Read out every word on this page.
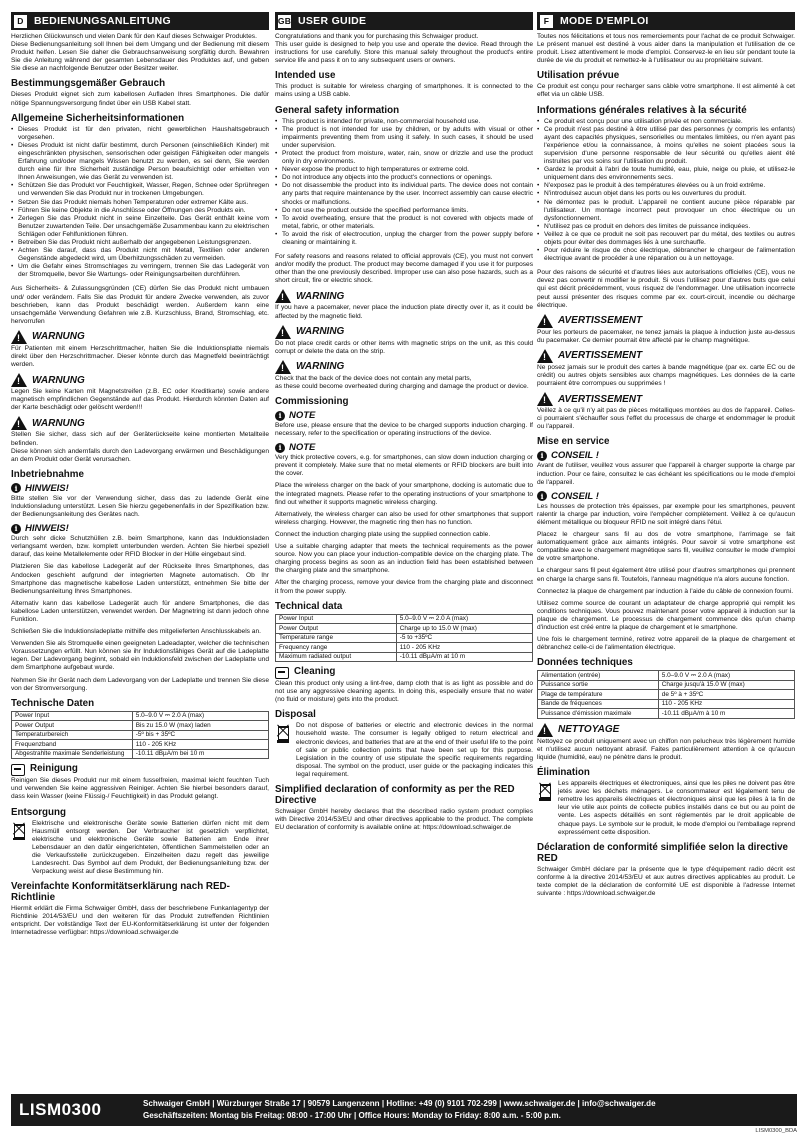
D BEDIENUNGSANLEITUNG

Herzlichen Glückwunsch und vielen Dank für den Kauf dieses Schwaiger Produktes.
Diese Bedienungsanleitung soll Ihnen bei dem Umgang und der Bedienung mit diesem Produkt helfen. Lesen Sie daher die Gebrauchsanweisung sorgfältig durch. Bewahren Sie die Anleitung während der gesamten Lebensdauer des Produktes auf, und geben Sie diese an nachfolgende Benutzer oder Besitzer weiter.

Bestimmungsgemäßer Gebrauch

Dieses Produkt eignet sich zum kabellosen Aufladen Ihres Smartphones. Die dafür nötige Spannungsversorgung findet über ein USB Kabel statt.

Allgemeine Sicherheitsinformationen
• Dieses Produkt ist für den privaten, nicht gewerblichen Haushaltsgebrauch vorgesehen.
• Dieses Produkt ist nicht dafür bestimmt, durch Personen (einschließlich Kinder) mit eingeschränkten physischen, sensorischen oder geistigen Fähigkeiten oder mangels Erfahrung und/oder mangels Wissen benutzt zu werden, es sei denn, Sie werden durch eine für Ihre Sicherheit zuständige Person beaufsichtigt oder erhielten von Ihnen Anweisungen, wie das Gerät zu verwenden ist.
• Schützen Sie das Produkt vor Feuchtigkeit, Wasser, Regen, Schnee oder Sprühregen und verwenden Sie das Produkt nur in trockenen Umgebungen.
• Setzen Sie das Produkt niemals hohen Temperaturen oder extremer Kälte aus.
• Führen Sie keine Objekte in die Anschlüsse oder Öffnungen des Produkts ein.
• Zerlegen Sie das Produkt nicht in seine Einzelteile. Das Gerät enthält keine vom Benutzer zuwartenden Teile. Der unsachgemäße Zusammenbau kann zu elektrischen Schlägen oder Fehlfunktionen führen.
• Betreiben Sie das Produkt nicht außerhalb der angegebenen Leistungsgrenzen.
• Achten Sie darauf, dass das Produkt nicht mit Metall, Textilien oder anderen Gegenstände abgedeckt wird, um Überhitzungsschäden zu vermeiden.
• Um die Gefahr eines Stromschlages zu verringern, trennen Sie das Ladegerät von der Stromquelle, bevor Sie Wartungs- oder Reinigungsarbeiten durchführen.

Aus Sicherheits- & Zulassungsgründen (CE) dürfen Sie das Produkt nicht umbauen und/ oder verändern. Falls Sie das Produkt für andere Zwecke verwenden, als zuvor beschrieben, kann das Produkt beschädigt werden. Außerdem kann eine unsachgemäße Verwendung Gefahren wie z.B. Kurzschluss, Brand, Stromschlag, etc. hervorrufen

!
WARNUNG

Für Patienten mit einem Herzschrittmacher, halten Sie die Induktionsplatte niemals direkt über den Herzschrittmacher. Dieser könnte durch das Magnetfeld beeinträchtigt werden.

!
WARNUNG

Legen Sie keine Karten mit Magnetstreifen (z.B. EC oder Kreditkarte) sowie andere magnetisch empfindlichen Gegenstände auf das Produkt. Hierdurch könnten Daten auf der Karte beschädigt oder gelöscht werden!!!

!
WARNUNG

Stellen Sie sicher, dass sich auf der Geräterückseite keine montierten Metallteile befinden.
Diese können sich andernfalls durch den Ladevorgang erwärmen und Beschädigungen an dem Produkt oder Gerät verursachen.

Inbetriebnahme
i HINWEIS!

Bitte stellen Sie vor der Verwendung sicher, dass das zu ladende Gerät eine Induktionsladung unterstützt. Lesen Sie hierzu gegebenenfalls in der Spezifikation bzw. der Bedienungsanleitung des Gerätes nach.

i HINWEIS!

Durch sehr dicke Schutzhüllen z.B. beim Smartphone, kann das Induktionsladen verlangsamt werden, bzw. komplett unterbunden werden. Achten Sie hierbei speziell darauf, das keine Metallelemente oder RFID Blocker in der Hülle eingebaut sind.

Platzieren Sie das kabellose Ladegerät auf der Rückseite Ihres Smartphones, das Andocken geschieht aufgrund der integrierten Magnete automatisch. Ob Ihr Smartphone das magnetische kabellose Laden unterstützt, entnehmen Sie bitte der Bedienungsanleitung Ihres Smartphones.

Alternativ kann das kabellose Ladegerät auch für andere Smartphones, die das kabellose Laden unterstützen, verwendet werden. Der Magnetring ist dann jedoch ohne Funktion.

Schließen Sie die Induktionsladeplatte mithilfe des mitgelieferten Anschlusskabels an.

Verwenden Sie als Stromquelle einen geeigneten Ladeadapter, welcher die technischen Voraussetzungen erfüllt. Nun können sie ihr Induktionsfähiges Gerät auf die Ladeplatte legen. Der Ladevorgang beginnt, sobald ein Induktionsfeld zwischen der Ladeplatte und dem Smartphone aufgebaut wurde.

Nehmen Sie ihr Gerät nach dem Ladevorgang von der Ladeplatte und trennen Sie diese von der Stromversorgung.

Technische Daten
Power Input	5.0–9.0 V ⎓ 2.0 A (max)
Power Output	Bis zu 15.0 W (max) laden
Temperaturbereich	-5º bis + 35ºC
Frequenzband	110 - 205 KHz
Abgestrahlte maximale Senderleistung	-10.11 dBµA/m bei 10 m
Reinigung

Reinigen Sie dieses Produkt nur mit einem fusselfreien, maximal leicht feuchten Tuch und verwenden Sie keine aggressiven Reiniger. Achten Sie hierbei besonders darauf, dass kein Wasser (keine Flüssig-/ Feuchtigkeit) in das Produkt gelangt.

Entsorgung

Elektrische und elektronische Geräte sowie Batterien dürfen nicht mit dem Hausmüll entsorgt werden. Der Verbraucher ist gesetzlich verpflichtet, elektrische und elektronische Geräte sowie Batterien am Ende ihrer Lebensdauer an den dafür eingerichteten, öffentlichen Sammelstellen oder an die Verkaufsstelle zurückzugeben. Einzelheiten dazu regelt das jeweilige Landesrecht. Das Symbol auf dem Produkt, der Bedienungsanleitung bzw. der Verpackung weist auf diese Bestimmung hin.

Vereinfachte Konformitätserklärung nach RED-Richtlinie

Hiermit erklärt die Firma Schwaiger GmbH, dass der beschriebene Funkanlagentyp der Richtlinie 2014/53/EU und den weiteren für das Produkt zutreffenden Richtlinien entspricht. Der vollständige Text der EU-Konformitätserklärung ist unter der folgenden Internetadresse verfügbar: https://download.schwaiger.de

GB USER GUIDE

Congratulations and thank you for purchasing this Schwaiger product.
This user guide is designed to help you use and operate the device. Read through the instructions for use carefully. Store this manual safely throughout the product's entire service life and pass it on to any subsequent users or owners.

Intended use

This product is suitable for wireless charging of smartphones. It is connected to the mains using a USB cable.

General safety information
• This product is intended for private, non-commercial household use.
• The product is not intended for use by children, or by adults with visual or other impairments preventing them from using it safely. In such cases, it should be used under supervision.
• Protect the product from moisture, water, rain, snow or drizzle and use the product only in dry environments.
• Never expose the product to high temperatures or extreme cold.
• Do not introduce any objects into the product's connections or openings.
• Do not disassemble the product into its individual parts. The device does not contain any parts that require maintenance by the user. Incorrect assembly can cause electric shocks or malfunctions.
• Do not use the product outside the specified performance limits.
• To avoid overheating, ensure that the product is not covered with objects made of metal, fabric, or other materials.
• To avoid the risk of electrocution, unplug the charger from the power supply before cleaning or maintaining it.

For safety reasons and reasons related to official approvals (CE), you must not convert and/or modify the product. The product may become damaged if you use it for purposes other than the one previously described. Improper use can also pose hazards, such as a short circuit, fire or electric shock.

!
WARNING

If you have a pacemaker, never place the induction plate directly over it, as it could be affected by the magnetic field.

!
WARNING

Do not place credit cards or other items with magnetic strips on the unit, as this could corrupt or delete the data on the strip.

!
WARNING

Check that the back of the device does not contain any metal parts,
as these could become overheated during charging and damage the product or device.

Commissioning
i NOTE

Before use, please ensure that the device to be charged supports induction charging. If necessary, refer to the specification or operating instructions of the device.

i NOTE

Very thick protective covers, e.g. for smartphones, can slow down induction charging or prevent it completely. Make sure that no metal elements or RFID blockers are built into the cover.

Place the wireless charger on the back of your smartphone, docking is automatic due to the integrated magnets. Please refer to the operating instructions of your smartphone to find out whether it supports magnetic wireless charging.

Alternatively, the wireless charger can also be used for other smartphones that support wireless charging. However, the magnetic ring then has no function.

Connect the induction charging plate using the supplied connection cable.

Use a suitable charging adapter that meets the technical requirements as the power source. Now you can place your induction-compatible device on the charging plate. The charging process begins as soon as an induction field has been established between the charging plate and the smartphone.

After the charging process, remove your device from the charging plate and disconnect it from the power supply.

Technical data
Power Input	5.0–9.0 V ⎓ 2.0 A (max)
Power Output	Charge up to 15.0 W (max)
Temperature range	-5 to +35ºC
Frequency range	110 - 205 KHz
Maximum radiated output	-10.11 dBµA/m at 10 m
Cleaning

Clean this product only using a lint-free, damp cloth that is as light as possible and do not use any aggressive cleaning agents. In doing this, especially ensure that no water (no fluid or moisture) gets into the product.

Disposal

Do not dispose of batteries or electric and electronic devices in the normal household waste. The consumer is legally obliged to return electrical and electronic devices, and batteries that are at the end of their useful life to the point of sale or public collection points that have been set up for this purpose. Legislation in the country of use stipulate the specific requirements regarding disposal. The symbol on the product, user guide or the packaging indicates this legal requirement.

Simplified declaration of conformity as per the RED Directive

Schwaiger GmbH hereby declares that the described radio system product complies with Directive 2014/53/EU and other directives applicable to the product. The complete EU declaration of conformity is available online at: https://download.schwaiger.de

F	MODE D'EMPLOI

Toutes nos félicitations et tous nos remerciements pour l'achat de ce produit Schwaiger. Le présent manuel est destiné à vous aider dans la manipulation et l'utilisation de ce produit. Lisez attentivement le mode d'emploi. Conservez-le en lieu sûr pendant toute la durée de vie du produit et remettez-le à l'utilisateur ou au propriétaire suivant.

Utilisation prévue

Ce produit est conçu pour recharger sans câble votre smartphone. Il est alimenté à cet effet via un câble USB.

Informations générales relatives à la sécurité
• Ce produit est conçu pour une utilisation privée et non commerciale.
• Ce produit n'est pas destiné à être utilisé par des personnes (y compris les enfants) ayant des capacités physiques, sensorielles ou mentales limitées, ou n'en ayant pas l'expérience et/ou la connaissance, à moins qu'elles ne soient placées sous la supervision d'une personne responsable de leur sécurité ou qu'elles aient été instruites par vos soins sur l'utilisation du produit.
• Gardez le produit à l'abri de toute humidité, eau, pluie, neige ou pluie, et utilisez-le uniquement dans des environnements secs.
• N'exposez pas le produit à des températures élevées ou à un froid extrême.
• N'introduisez aucun objet dans les ports ou les ouvertures du produit.
• Ne démontez pas le produit. L'appareil ne contient aucune pièce réparable par l'utilisateur. Un montage incorrect peut provoquer un choc électrique ou un dysfonctionnement.
• N'utilisez pas ce produit en dehors des limites de puissance indiquées.
• Veillez à ce que ce produit ne soit pas recouvert par du métal, des textiles ou autres objets pour éviter des dommages liés à une surchauffe.
• Pour réduire le risque de choc électrique, débrancher le chargeur de l'alimentation électrique avant de procéder à une réparation ou à un nettoyage.

Pour des raisons de sécurité et d'autres liées aux autorisations officielles (CE), vous ne devez pas convertir ni modifier le produit. Si vous l'utilisez pour d'autres buts que celui qui est décrit précédemment, vous risquez de l'endommager. Une utilisation incorrecte peut aussi présenter des risques comme par ex. court-circuit, incendie ou décharge électrique.

!
AVERTISSEMENT

Pour les porteurs de pacemaker, ne tenez jamais la plaque à induction juste au-dessus du pacemaker. Ce dernier pourrait être affecté par le champ magnétique.

!
AVERTISSEMENT

Ne posez jamais sur le produit des cartes à bande magnétique (par ex. carte EC ou de crédit) ou autres objets sensibles aux champs magnétiques. Les données de la carte pourraient être corrompues ou supprimées !

!
AVERTISSEMENT

Veillez à ce qu'il n'y ait pas de pièces métalliques montées au dos de l'appareil. Celles-ci pourraient s'échauffer sous l'effet du processus de charge et endommager le produit ou l'appareil.

Mise en service
i CONSEIL !

Avant de l'utiliser, veuillez vous assurer que l'appareil à charger supporte la charge par induction. Pour ce faire, consultez le cas échéant les spécifications ou le mode d'emploi de l'appareil.

i CONSEIL !

Les housses de protection très épaisses, par exemple pour les smartphones, peuvent ralentir la charge par induction, voire l'empêcher complètement. Veillez à ce qu'aucun élément métallique ou bloqueur RFID ne soit intégré dans l'étui.

Placez le chargeur sans fil au dos de votre smartphone, l'arrimage se fait automatiquement grâce aux aimants intégrés. Pour savoir si votre smartphone est compatible avec le chargement magnétique sans fil, veuillez consulter le mode d'emploi de votre smartphone.

Le chargeur sans fil peut également être utilisé pour d'autres smartphones qui prennent en charge la charge sans fil. Toutefois, l'anneau magnétique n'a alors aucune fonction.

Connectez la plaque de chargement par induction à l'aide du câble de connexion fourni.

Utilisez comme source de courant un adaptateur de charge approprié qui remplit les conditions techniques. Vous pouvez maintenant poser votre appareil à induction sur la plaque de chargement. Le processus de chargement commence dès qu'un champ d'induction est créé entre la plaque de chargement et le smartphone.

Une fois le chargement terminé, retirez votre appareil de la plaque de chargement et débranchez celle-ci de l'alimentation électrique.

Données techniques
Alimentation (entrée)	5.0–9.0 V ⎓ 2.0 A (max)
Puissance sortie	Charge jusqu'à 15.0 W (max)
Plage de température	de 5º à + 35ºC
Bande de fréquences	110 - 205 KHz
Puissance d'émission maximale	-10.11 dBµA/m à 10 m
!
NETTOYAGE

Nettoyez ce produit uniquement avec un chiffon non pelucheux très légèrement humide et n'utilisez aucun nettoyant abrasif. Faites particulièrement attention à ce qu'aucun liquide (humidité, eau) ne pénètre dans le produit.

Élimination

Les appareils électriques et électroniques, ainsi que les piles ne doivent pas être jetés avec les déchets ménagers. Le consommateur est légalement tenu de remettre les appareils électriques et électroniques ainsi que les piles à la fin de leur vie utile aux points de collecte publics installés dans ce but ou au point de vente. Les aspects détaillés en sont réglementés par le droit applicable de chaque pays. Le symbole sur le produit, le mode d'emploi ou l'emballage reprend expressément cette disposition.

Déclaration de conformité simplifiée selon la directive RED

Schwaiger GmbH déclare par la présente que le type d'équipement radio décrit est conforme à la directive 2014/53/EU et aux autres directives applicables au produit. Le texte complet de la déclaration de conformité UE est disponible à l'adresse Internet suivante : https://download.schwaiger.de

LISM0300	Schwaiger GmbH | Würzburger Straße 17 | 90579 Langenzenn | Hotline: +49 (0) 9101 702-299 | www.schwaiger.de | info@schwaiger.de
Geschäftszeiten: Montag bis Freitag: 08:00 - 17:00 Uhr | Office Hours: Monday to Friday: 8:00 a.m. - 5:00 p.m.
LISM0300_BDA
